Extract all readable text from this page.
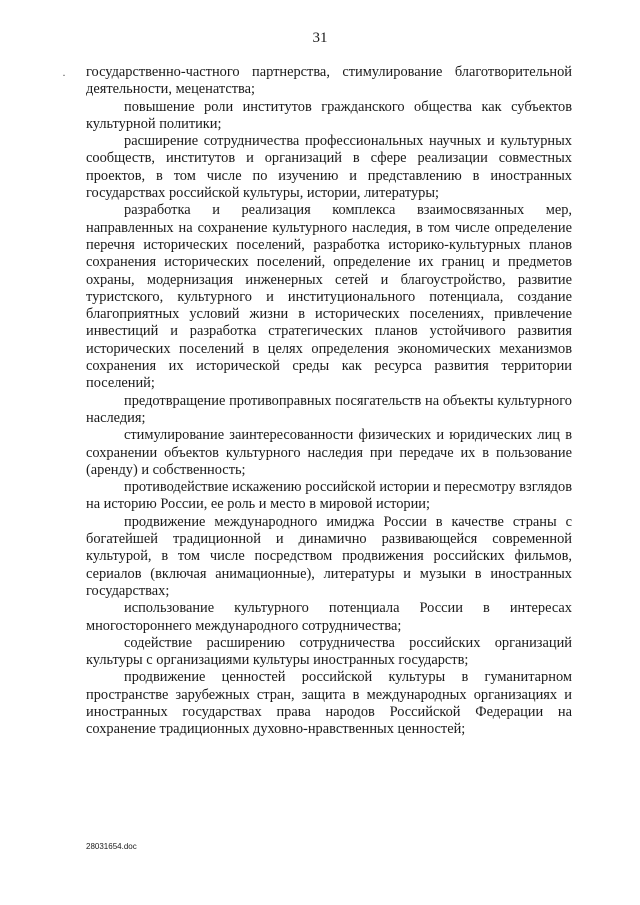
31
· государственно-частного партнерства, стимулирование благотворительной деятельности, меценатства;

повышение роли институтов гражданского общества как субъектов культурной политики;

расширение сотрудничества профессиональных научных и культурных сообществ, институтов и организаций в сфере реализации совместных проектов, в том числе по изучению и представлению в иностранных государствах российской культуры, истории, литературы;

разработка и реализация комплекса взаимосвязанных мер, направленных на сохранение культурного наследия, в том числе определение перечня исторических поселений, разработка историко-культурных планов сохранения исторических поселений, определение их границ и предметов охраны, модернизация инженерных сетей и благоустройство, развитие туристского, культурного и институционального потенциала, создание благоприятных условий жизни в исторических поселениях, привлечение инвестиций и разработка стратегических планов устойчивого развития исторических поселений в целях определения экономических механизмов сохранения их исторической среды как ресурса развития территории поселений;

предотвращение противоправных посягательств на объекты культурного наследия;

стимулирование заинтересованности физических и юридических лиц в сохранении объектов культурного наследия при передаче их в пользование (аренду) и собственность;

противодействие искажению российской истории и пересмотру взглядов на историю России, ее роль и место в мировой истории;

продвижение международного имиджа России в качестве страны с богатейшей традиционной и динамично развивающейся современной культурой, в том числе посредством продвижения российских фильмов, сериалов (включая анимационные), литературы и музыки в иностранных государствах;

использование культурного потенциала России в интересах многостороннего международного сотрудничества;

содействие расширению сотрудничества российских организаций культуры с организациями культуры иностранных государств;

продвижение ценностей российской культуры в гуманитарном пространстве зарубежных стран, защита в международных организациях и иностранных государствах права народов Российской Федерации на сохранение традиционных духовно-нравственных ценностей;

28031654.doc
